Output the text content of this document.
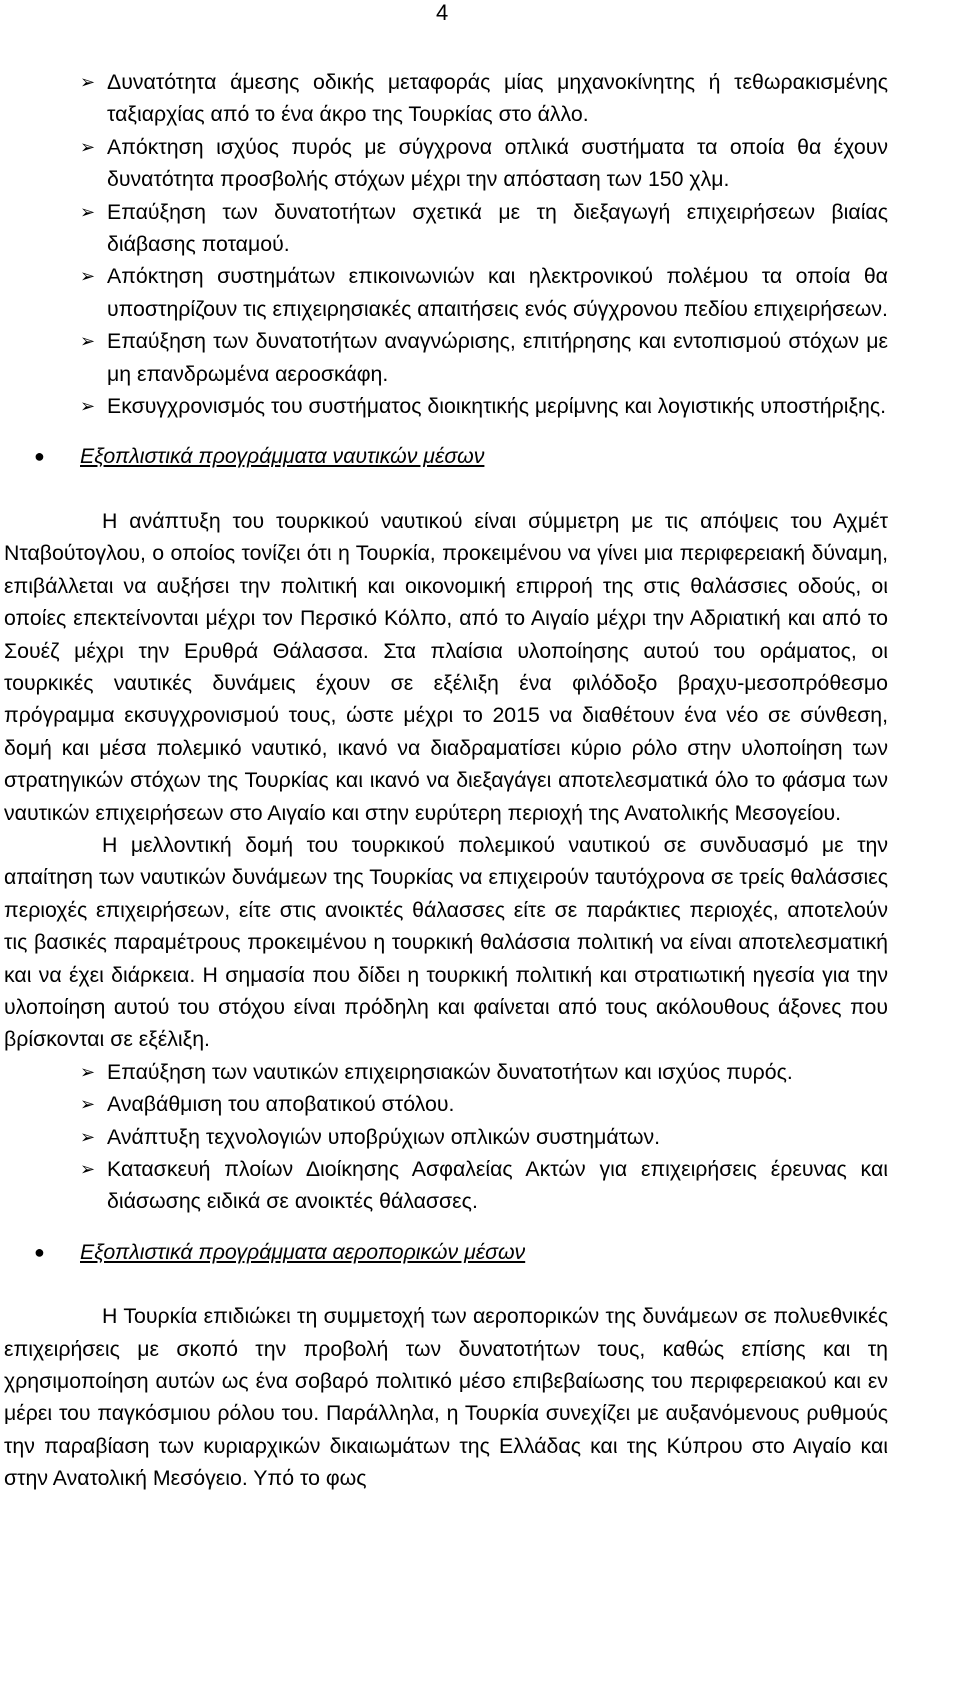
4
➢ Δυνατότητα άμεσης οδικής μεταφοράς μίας μηχανοκίνητης ή τεθωρακισμένης ταξιαρχίας από το ένα άκρο της Τουρκίας στο άλλο.
➢ Απόκτηση ισχύος πυρός με σύγχρονα οπλικά συστήματα τα οποία θα έχουν δυνατότητα προσβολής στόχων μέχρι την απόσταση των 150 χλμ.
➢ Επαύξηση των δυνατοτήτων σχετικά με τη διεξαγωγή επιχειρήσεων βιαίας διάβασης ποταμού.
➢ Απόκτηση συστημάτων επικοινωνιών και ηλεκτρονικού πολέμου τα οποία θα υποστηρίζουν τις επιχειρησιακές απαιτήσεις ενός σύγχρονου πεδίου επιχειρήσεων.
➢ Επαύξηση των δυνατοτήτων αναγνώρισης, επιτήρησης και εντοπισμού στόχων με μη επανδρωμένα αεροσκάφη.
➢ Εκσυγχρονισμός του συστήματος διοικητικής μερίμνης και λογιστικής υποστήριξης.
● Εξοπλιστικά προγράμματα ναυτικών μέσων

Η ανάπτυξη του τουρκικού ναυτικού είναι σύμμετρη με τις απόψεις του Αχμέτ Νταβούτογλου, ο οποίος τονίζει ότι η Τουρκία, προκειμένου να γίνει μια περιφερειακή δύναμη, επιβάλλεται να αυξήσει την πολιτική και οικονομική επιρροή της στις θαλάσσιες οδούς, οι οποίες επεκτείνονται μέχρι τον Περσικό Κόλπο, από το Αιγαίο μέχρι την Αδριατική και από το Σουέζ μέχρι την Ερυθρά Θάλασσα. Στα πλαίσια υλοποίησης αυτού του οράματος, οι τουρκικές ναυτικές δυνάμεις έχουν σε εξέλιξη ένα φιλόδοξο βραχυ-μεσοπρόθεσμο πρόγραμμα εκσυγχρονισμού τους, ώστε μέχρι το 2015 να διαθέτουν ένα νέο σε σύνθεση, δομή και μέσα πολεμικό ναυτικό, ικανό να διαδραματίσει κύριο ρόλο στην υλοποίηση των στρατηγικών στόχων της Τουρκίας και ικανό να διεξαγάγει αποτελεσματικά όλο το φάσμα των ναυτικών επιχειρήσεων στο Αιγαίο και στην ευρύτερη περιοχή της Ανατολικής Μεσογείου.

Η μελλοντική δομή του τουρκικού πολεμικού ναυτικού σε συνδυασμό με την απαίτηση των ναυτικών δυνάμεων της Τουρκίας να επιχειρούν ταυτόχρονα σε τρείς θαλάσσιες περιοχές επιχειρήσεων, είτε στις ανοικτές θάλασσες είτε σε παράκτιες περιοχές, αποτελούν τις βασικές παραμέτρους προκειμένου η τουρκική θαλάσσια πολιτική να είναι αποτελεσματική και να έχει διάρκεια. Η σημασία που δίδει η τουρκική πολιτική και στρατιωτική ηγεσία για την υλοποίηση αυτού του στόχου είναι πρόδηλη και φαίνεται από τους ακόλουθους άξονες που βρίσκονται σε εξέλιξη.

➢ Επαύξηση των ναυτικών επιχειρησιακών δυνατοτήτων και ισχύος πυρός.
➢ Αναβάθμιση του αποβατικού στόλου.
➢ Ανάπτυξη τεχνολογιών υποβρύχιων οπλικών συστημάτων.
➢ Κατασκευή πλοίων Διοίκησης Ασφαλείας Ακτών για επιχειρήσεις έρευνας και διάσωσης ειδικά σε ανοικτές θάλασσες.
● Εξοπλιστικά προγράμματα αεροπορικών μέσων

Η Τουρκία επιδιώκει τη συμμετοχή των αεροπορικών της δυνάμεων σε πολυεθνικές επιχειρήσεις με σκοπό την προβολή των δυνατοτήτων τους, καθώς επίσης και τη χρησιμοποίηση αυτών ως ένα σοβαρό πολιτικό μέσο επιβεβαίωσης του περιφερειακού και εν μέρει του παγκόσμιου ρόλου του. Παράλληλα, η Τουρκία συνεχίζει με αυξανόμενους ρυθμούς την παραβίαση των κυριαρχικών δικαιωμάτων της Ελλάδας και της Κύπρου στο Αιγαίο και στην Ανατολική Μεσόγειο. Υπό το φως
